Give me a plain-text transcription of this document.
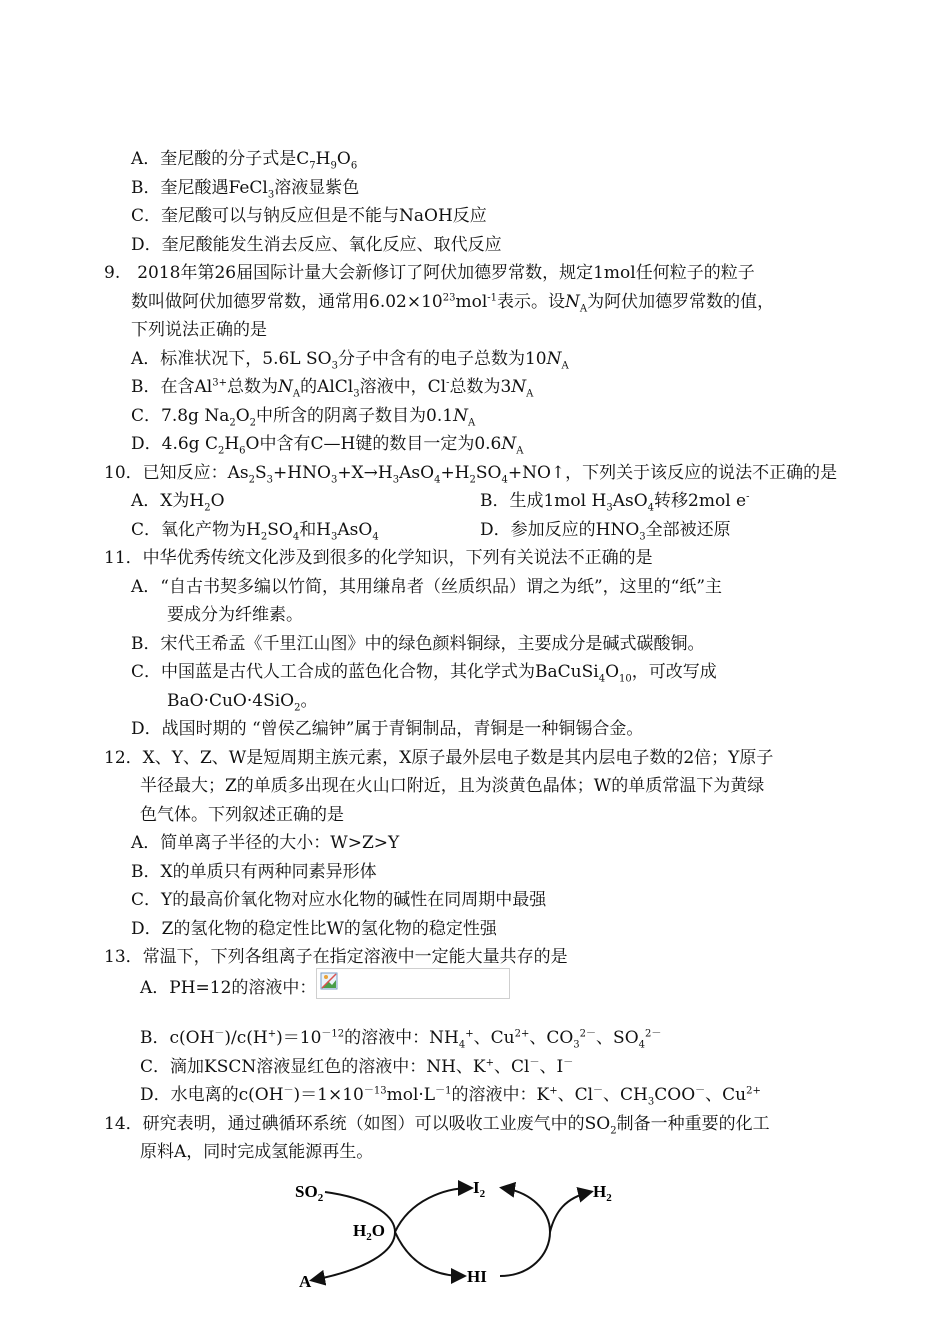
A．奎尼酸的分子式是$C_7H_9O_6$
B．奎尼酸遇FeCl$_3$溶液显紫色
C．奎尼酸可以与钠反应但是不能与NaOH反应
D．奎尼酸能发生消去反应、氧化反应、取代反应
9.　2018年第26届国际计量大会新修订了阿伏加德罗常数，规定1mol任何粒子的粒子
数叫做阿伏加德罗常数，通常用$6.02\times 10^{23}mol^{-1}$表示。设$N_A$为阿伏加德罗常数的值，
下列说法正确的是
A．标准状况下，5.6L $SO_3$分子中含有的电子总数为$10N_A$
B．在含$Al^{3+}$总数为$N_A$的AlCl$_3$溶液中，Cl-总数为$3N_A$
C．7.8g $Na_2O_2$中所含的阴离子数目为$0.1N_A$
D．4.6g $C_2H_6O$中含有C—H键的数目一定为$0.6N_A$
10．已知反应：$As_2S_3+HNO_3+X\to H_3AsO_4+H_2SO_4+NO↑$，下列关于该反应的说法不正确的是
A．X为$H_2O$	B．生成1mol $H_3AsO_4$转移2mol e-
C．氧化产物为$H_2SO_4$和$H_3AsO_4$	D．参加反应的$HNO_3$全部被还原
11．中华优秀传统文化涉及到很多的化学知识，下列有关说法不正确的是
A．“自古书契多编以竹简，其用缣帛者（丝质织品）谓之为纸”，这里的“纸”主
要成分为纤维素。
B．宋代王希孟《千里江山图》中的绿色颜料铜绿，主要成分是碱式碳酸铜。
C．中国蓝是古代人工合成的蓝色化合物，其化学式为$BaCuSi_4O_{10}$，可改写成
BaO·CuO·4SiO$_2$。
D．战国时期的 “曾侯乙编钟”属于青铜制品，青铜是一种铜锡合金。
12．X、Y、Z、W是短周期主族元素，X原子最外层电子数是其内层电子数的2倍；Y原子
半径最大；Z的单质多出现在火山口附近，且为淡黄色晶体；W的单质常温下为黄绿
色气体。下列叙述正确的是
A．简单离子半径的大小：W>Z>Y
B．X的单质只有两种同素异形体
C．Y的最高价氧化物对应水化物的碱性在同周期中最强
D．Z的氢化物的稳定性比W的氢化物的稳定性强
13．常温下，下列各组离子在指定溶液中一定能大量共存的是
A．PH=12的溶液中：
B．$c(OH^-)/c(H^+)=10^{-12}$的溶液中：$NH_4^+$、$Cu^{2+}$、$CO_3^{2-}$、$SO_4^{2-}$
C．滴加KSCN溶液显红色的溶液中：NH、K+、Cl－、I－
D．水电离的$c(OH^-)=1\times 10^{-13}mol\cdot L^{-1}$的溶液中：K+、Cl－、$CH_3COO^-$、$Cu^{2+}$
14．研究表明，通过碘循环系统（如图）可以吸收工业废气中的$SO_2$制备一种重要的化工
原料A，同时完成氢能源再生。
$SO_2$
$H_2O$
$I_2$	$H_2$
A	HI
